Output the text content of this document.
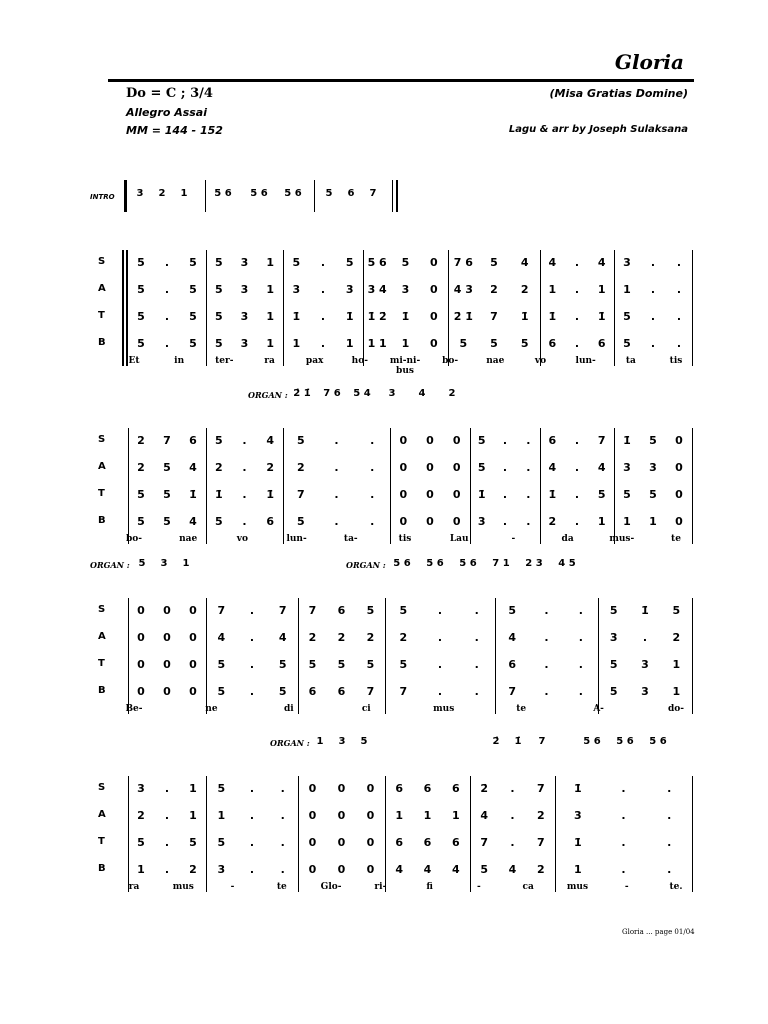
Gloria
Do = C ; 3/4
Allegro Assai
MM = 144 - 152
(Misa Gratias Domine)
Lagu & arr by Joseph Sulaksana
INTRO	3	2	1	5 6	5 6	5 6	5	6	7
S	5	.	5	5	3	1	5	.	5	5 6	5	0	7 6	5	4	4	.	4	3	.	.
A	5	.	5	5	3	1	3	.	3	3 4	3	0	4 3	2	2	1	.	1	1	.	.
T	5	.	5	5	3	1	1̇	.	1̇	1̇ 2̇	1̇	0	2̇ 1̇	7	1̇	1̇	.	1̇	5	.	.
B	5	.	5	5	3	1	1	.	1	1 1	1	0	5	5	5	6	.	6	5	.	.
Et	in	ter-	ra	pax	ho-	mi-ni-bus
bo-	nae	vo	lun-	ta	tis
S	2	7	6	5	.	4	5	.	.	0	0	0	5	.	.	6	.	7	1̇	5	0
A	2	5	4	2	.	2	2	.	.	0	0	0	5	.	.	4	.	4	3	3	0
T	5	5	1̇	1̇	.	1̇	7	.	.	0	0	0	1̇	.	.	1̇	.	5	5	5	0
B	5	5	4	5	.	6	5	.	.	0	0	0	3	.	.	2	.	1	1	1	0
bo-	nae	vo	lun-	ta-	tis	Lau	-	da	mus-	te
ORGAN : 2̇ 1̇	7 6	5 4	3	4	2
S	0	0	0	7	.	7	7	6	5	5	.	.	5	.	.	5	1̇	5
A	0	0	0	4	.	4	2	2	2	2	.	.	4	.	.	3	.	2
T	0	0	0	5	.	5	5	5	5	5	.	.	6	.	.	5	3	1
B	0	0	0	5	.	5	6	6	7	7	.	.	7	.	.	5	3	1
Be-	ne	di	ci	mus	te	A-	do-
ORGAN : 5	3	1	ORGAN : 5 6	5 6	5 6	7 1	2 3	4 5
S	3	.	1	5	.	.	0	0	0	6	6	6	2̇	.	7	1̇	.	.
A	2	.	1	1	.	.	0	0	0	1	1	1	4	.	2	3	.	.
T	5	.	5	5	.	.	0	0	0	6	6	6	7	.	7	1̇	.	.
B	1	.	2	3	.	.	0	0	0	4	4	4	5	4	2	1	.	.
ra	mus	-	te	Glo-	ri-	fi	-	ca	mus	-	te.
ORGAN : 1	3	5	2̇	1̇	7	5 6	5 6	5 6
Gloria ... page 01/04
